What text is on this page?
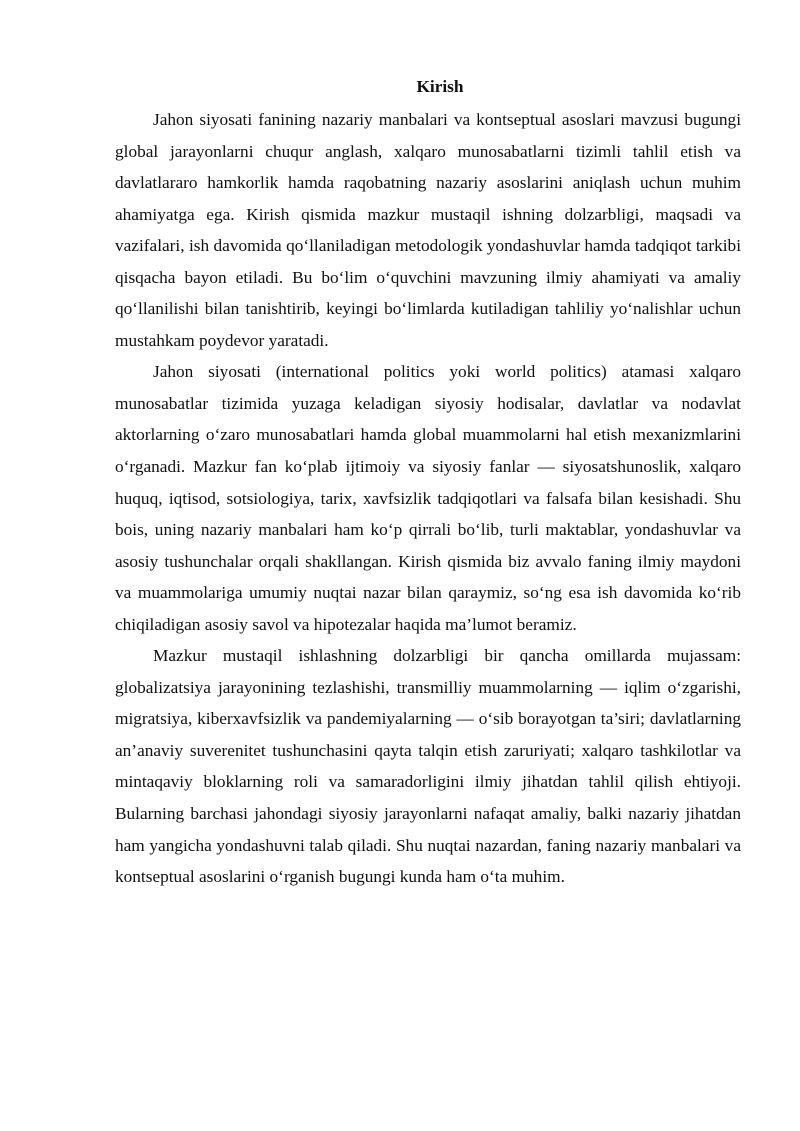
Kirish

Jahon siyosati fanining nazariy manbalari va kontseptual asoslari mavzusi bugungi global jarayonlarni chuqur anglash, xalqaro munosabatlarni tizimli tahlil etish va davlatlararo hamkorlik hamda raqobatning nazariy asoslarini aniqlash uchun muhim ahamiyatga ega. Kirish qismida mazkur mustaqil ishning dolzarbligi, maqsadi va vazifalari, ish davomida qo‘llaniladigan metodologik yondashuvlar hamda tadqiqot tarkibi qisqacha bayon etiladi. Bu bo‘lim o‘quvchini mavzuning ilmiy ahamiyati va amaliy qo‘llanilishi bilan tanishtirib, keyingi bo‘limlarda kutiladigan tahliliy yo‘nalishlar uchun mustahkam poydevor yaratadi.

Jahon siyosati (international politics yoki world politics) atamasi xalqaro munosabatlar tizimida yuzaga keladigan siyosiy hodisalar, davlatlar va nodavlat aktorlarning o‘zaro munosabatlari hamda global muammolarni hal etish mexanizmlarini o‘rganadi. Mazkur fan ko‘plab ijtimoiy va siyosiy fanlar — siyosatshunoslik, xalqaro huquq, iqtisod, sotsiologiya, tarix, xavfsizlik tadqiqotlari va falsafa bilan kesishadi. Shu bois, uning nazariy manbalari ham ko‘p qirrali bo‘lib, turli maktablar, yondashuvlar va asosiy tushunchalar orqali shakllangan. Kirish qismida biz avvalo faning ilmiy maydoni va muammolariga umumiy nuqtai nazar bilan qaraymiz, so‘ng esa ish davomida ko‘rib chiqiladigan asosiy savol va hipotezalar haqida ma’lumot beramiz.

Mazkur mustaqil ishlashning dolzarbligi bir qancha omillarda mujassam: globalizatsiya jarayonining tezlashishi, transmilliy muammolarning — iqlim o‘zgarishi, migratsiya, kiberxavfsizlik va pandemiyalarning — o‘sib borayotgan ta’siri; davlatlarning an’anaviy suverenitet tushunchasini qayta talqin etish zaruriyati; xalqaro tashkilotlar va mintaqaviy bloklarning roli va samaradorligini ilmiy jihatdan tahlil qilish ehtiyoji. Bularning barchasi jahondagi siyosiy jarayonlarni nafaqat amaliy, balki nazariy jihatdan ham yangicha yondashuvni talab qiladi. Shu nuqtai nazardan, faning nazariy manbalari va kontseptual asoslarini o‘rganish bugungi kunda ham o‘ta muhim.
